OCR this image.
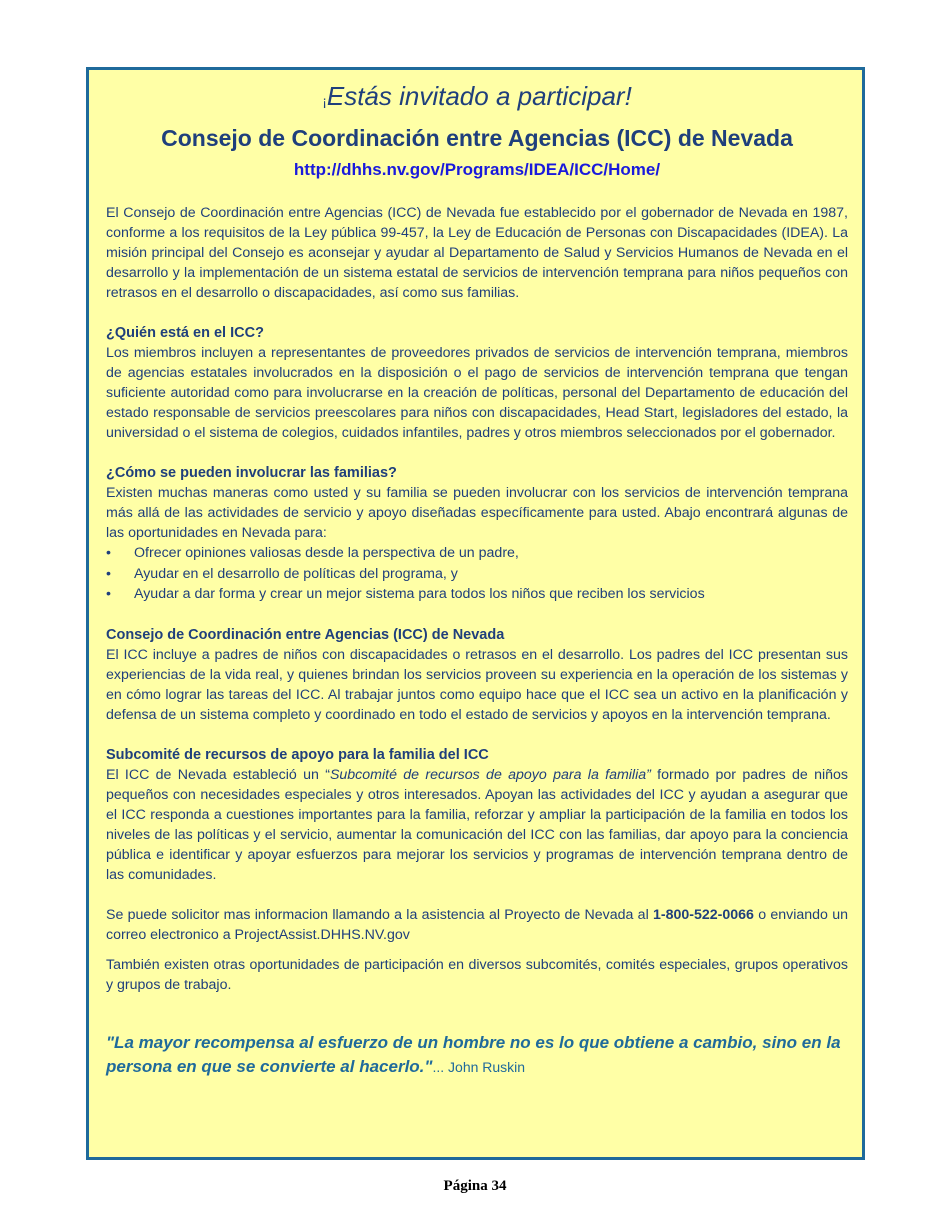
¡Estás invitado a participar!
Consejo de Coordinación entre Agencias (ICC) de Nevada
http://dhhs.nv.gov/Programs/IDEA/ICC/Home/

El Consejo de Coordinación entre Agencias (ICC) de Nevada fue establecido por el gobernador de Nevada en 1987, conforme a los requisitos de la Ley pública 99-457, la Ley de Educación de Personas con Discapacidades (IDEA). La misión principal del Consejo es aconsejar y ayudar al Departamento de Salud y Servicios Humanos de Nevada en el desarrollo y la implementación de un sistema estatal de servicios de intervención temprana para niños pequeños con retrasos en el desarrollo o discapacidades, así como sus familias.

¿Quién está en el ICC?

Los miembros incluyen a representantes de proveedores privados de servicios de intervención temprana, miembros de agencias estatales involucrados en la disposición o el pago de servicios de intervención temprana que tengan suficiente autoridad como para involucrarse en la creación de políticas, personal del Departamento de educación del estado responsable de servicios preescolares para niños con discapacidades, Head Start, legisladores del estado, la universidad o el sistema de colegios, cuidados infantiles, padres y otros miembros seleccionados por el gobernador.

¿Cómo se pueden involucrar las familias?

Existen muchas maneras como usted y su familia se pueden involucrar con los servicios de intervención temprana más allá de las actividades de servicio y apoyo diseñadas específicamente para usted. Abajo encontrará algunas de las oportunidades en Nevada para:

• Ofrecer opiniones valiosas desde la perspectiva de un padre,
• Ayudar en el desarrollo de políticas del programa, y
• Ayudar a dar forma y crear un mejor sistema para todos los niños que reciben los servicios
Consejo de Coordinación entre Agencias (ICC) de Nevada

El ICC incluye a padres de niños con discapacidades o retrasos en el desarrollo. Los padres del ICC presentan sus experiencias de la vida real, y quienes brindan los servicios proveen su experiencia en la operación de los sistemas y en cómo lograr las tareas del ICC. Al trabajar juntos como equipo hace que el ICC sea un activo en la planificación y defensa de un sistema completo y coordinado en todo el estado de servicios y apoyos en la intervención temprana.

Subcomité de recursos de apoyo para la familia del ICC

El ICC de Nevada estableció un “Subcomité de recursos de apoyo para la familia” formado por padres de niños pequeños con necesidades especiales y otros interesados. Apoyan las actividades del ICC y ayudan a asegurar que el ICC responda a cuestiones importantes para la familia, reforzar y ampliar la participación de la familia en todos los niveles de las políticas y el servicio, aumentar la comunicación del ICC con las familias, dar apoyo para la conciencia pública e identificar y apoyar esfuerzos para mejorar los servicios y programas de intervención temprana dentro de las comunidades.

Se puede solicitor mas informacion llamando a la asistencia al Proyecto de Nevada al 1-800-522-0066 o enviando un correo electronico a ProjectAssist.DHHS.NV.gov

También existen otras oportunidades de participación en diversos subcomités, comités especiales, grupos operativos y grupos de trabajo.

"La mayor recompensa al esfuerzo de un hombre no es lo que obtiene a cambio, sino en la persona en que se convierte al hacerlo."... John Ruskin
Página 34
